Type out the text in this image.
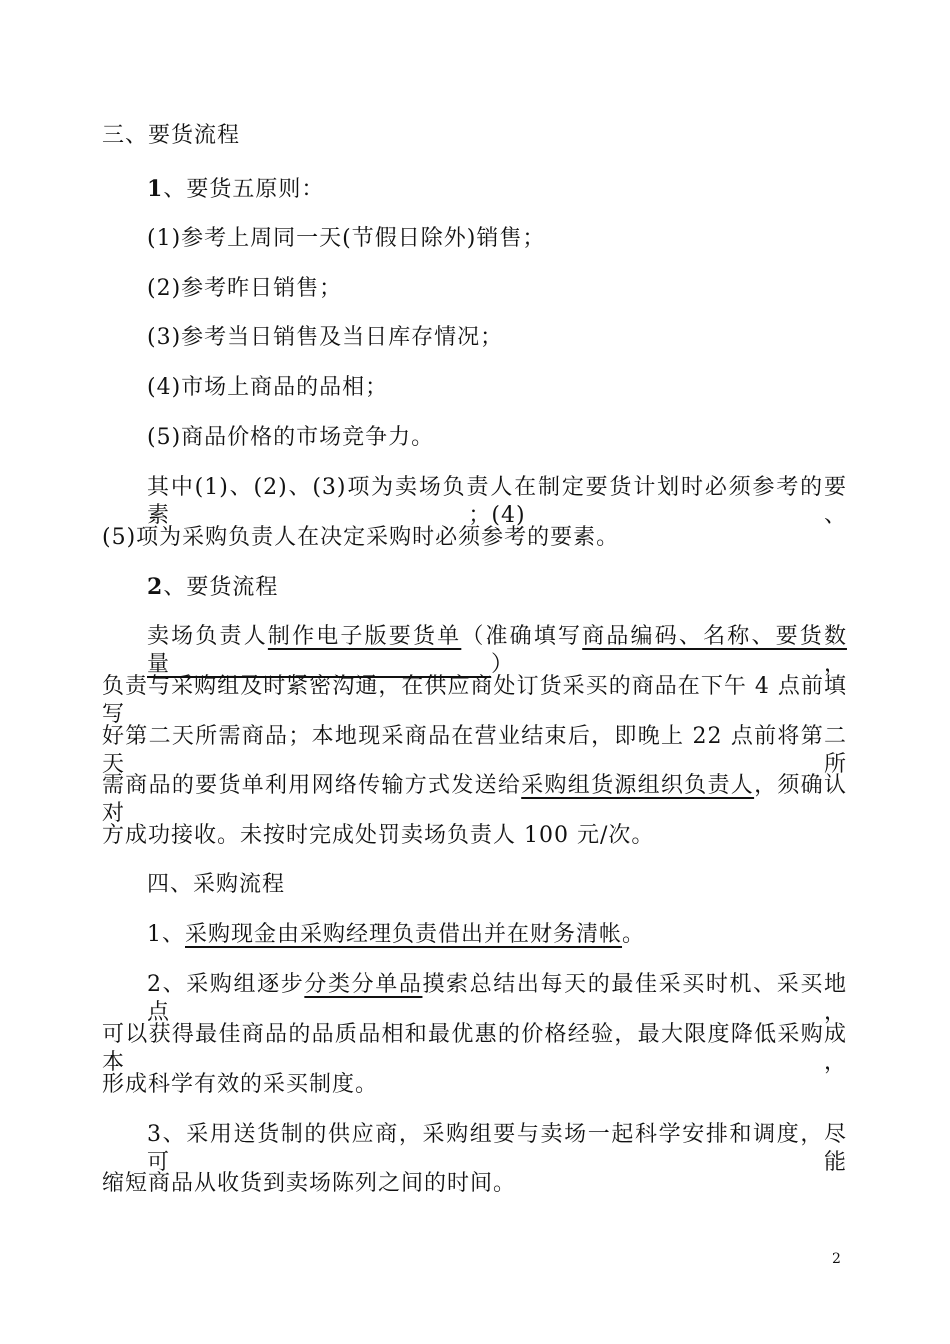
三、要货流程
1、要货五原则：
(1)参考上周同一天(节假日除外)销售；
(2)参考昨日销售；
(3)参考当日销售及当日库存情况；
(4)市场上商品的品相；
(5)商品价格的市场竞争力。
其中(1)、(2)、(3)项为卖场负责人在制定要货计划时必须参考的要素；(4)、
(5)项为采购负责人在决定采购时必须参考的要素。
2、要货流程
卖场负责人制作电子版要货单（准确填写商品编码、名称、要货数量），
负责与采购组及时紧密沟通，在供应商处订货采买的商品在下午 4 点前填写
好第二天所需商品；本地现采商品在营业结束后，即晚上 22 点前将第二天所
需商品的要货单利用网络传输方式发送给采购组货源组织负责人，须确认对
方成功接收。未按时完成处罚卖场负责人 100 元/次。
四、采购流程
1、采购现金由采购经理负责借出并在财务清帐。
2、采购组逐步分类分单品摸索总结出每天的最佳采买时机、采买地点，
可以获得最佳商品的品质品相和最优惠的价格经验，最大限度降低采购成本，
形成科学有效的采买制度。
3、采用送货制的供应商，采购组要与卖场一起科学安排和调度，尽可能
缩短商品从收货到卖场陈列之间的时间。
2
